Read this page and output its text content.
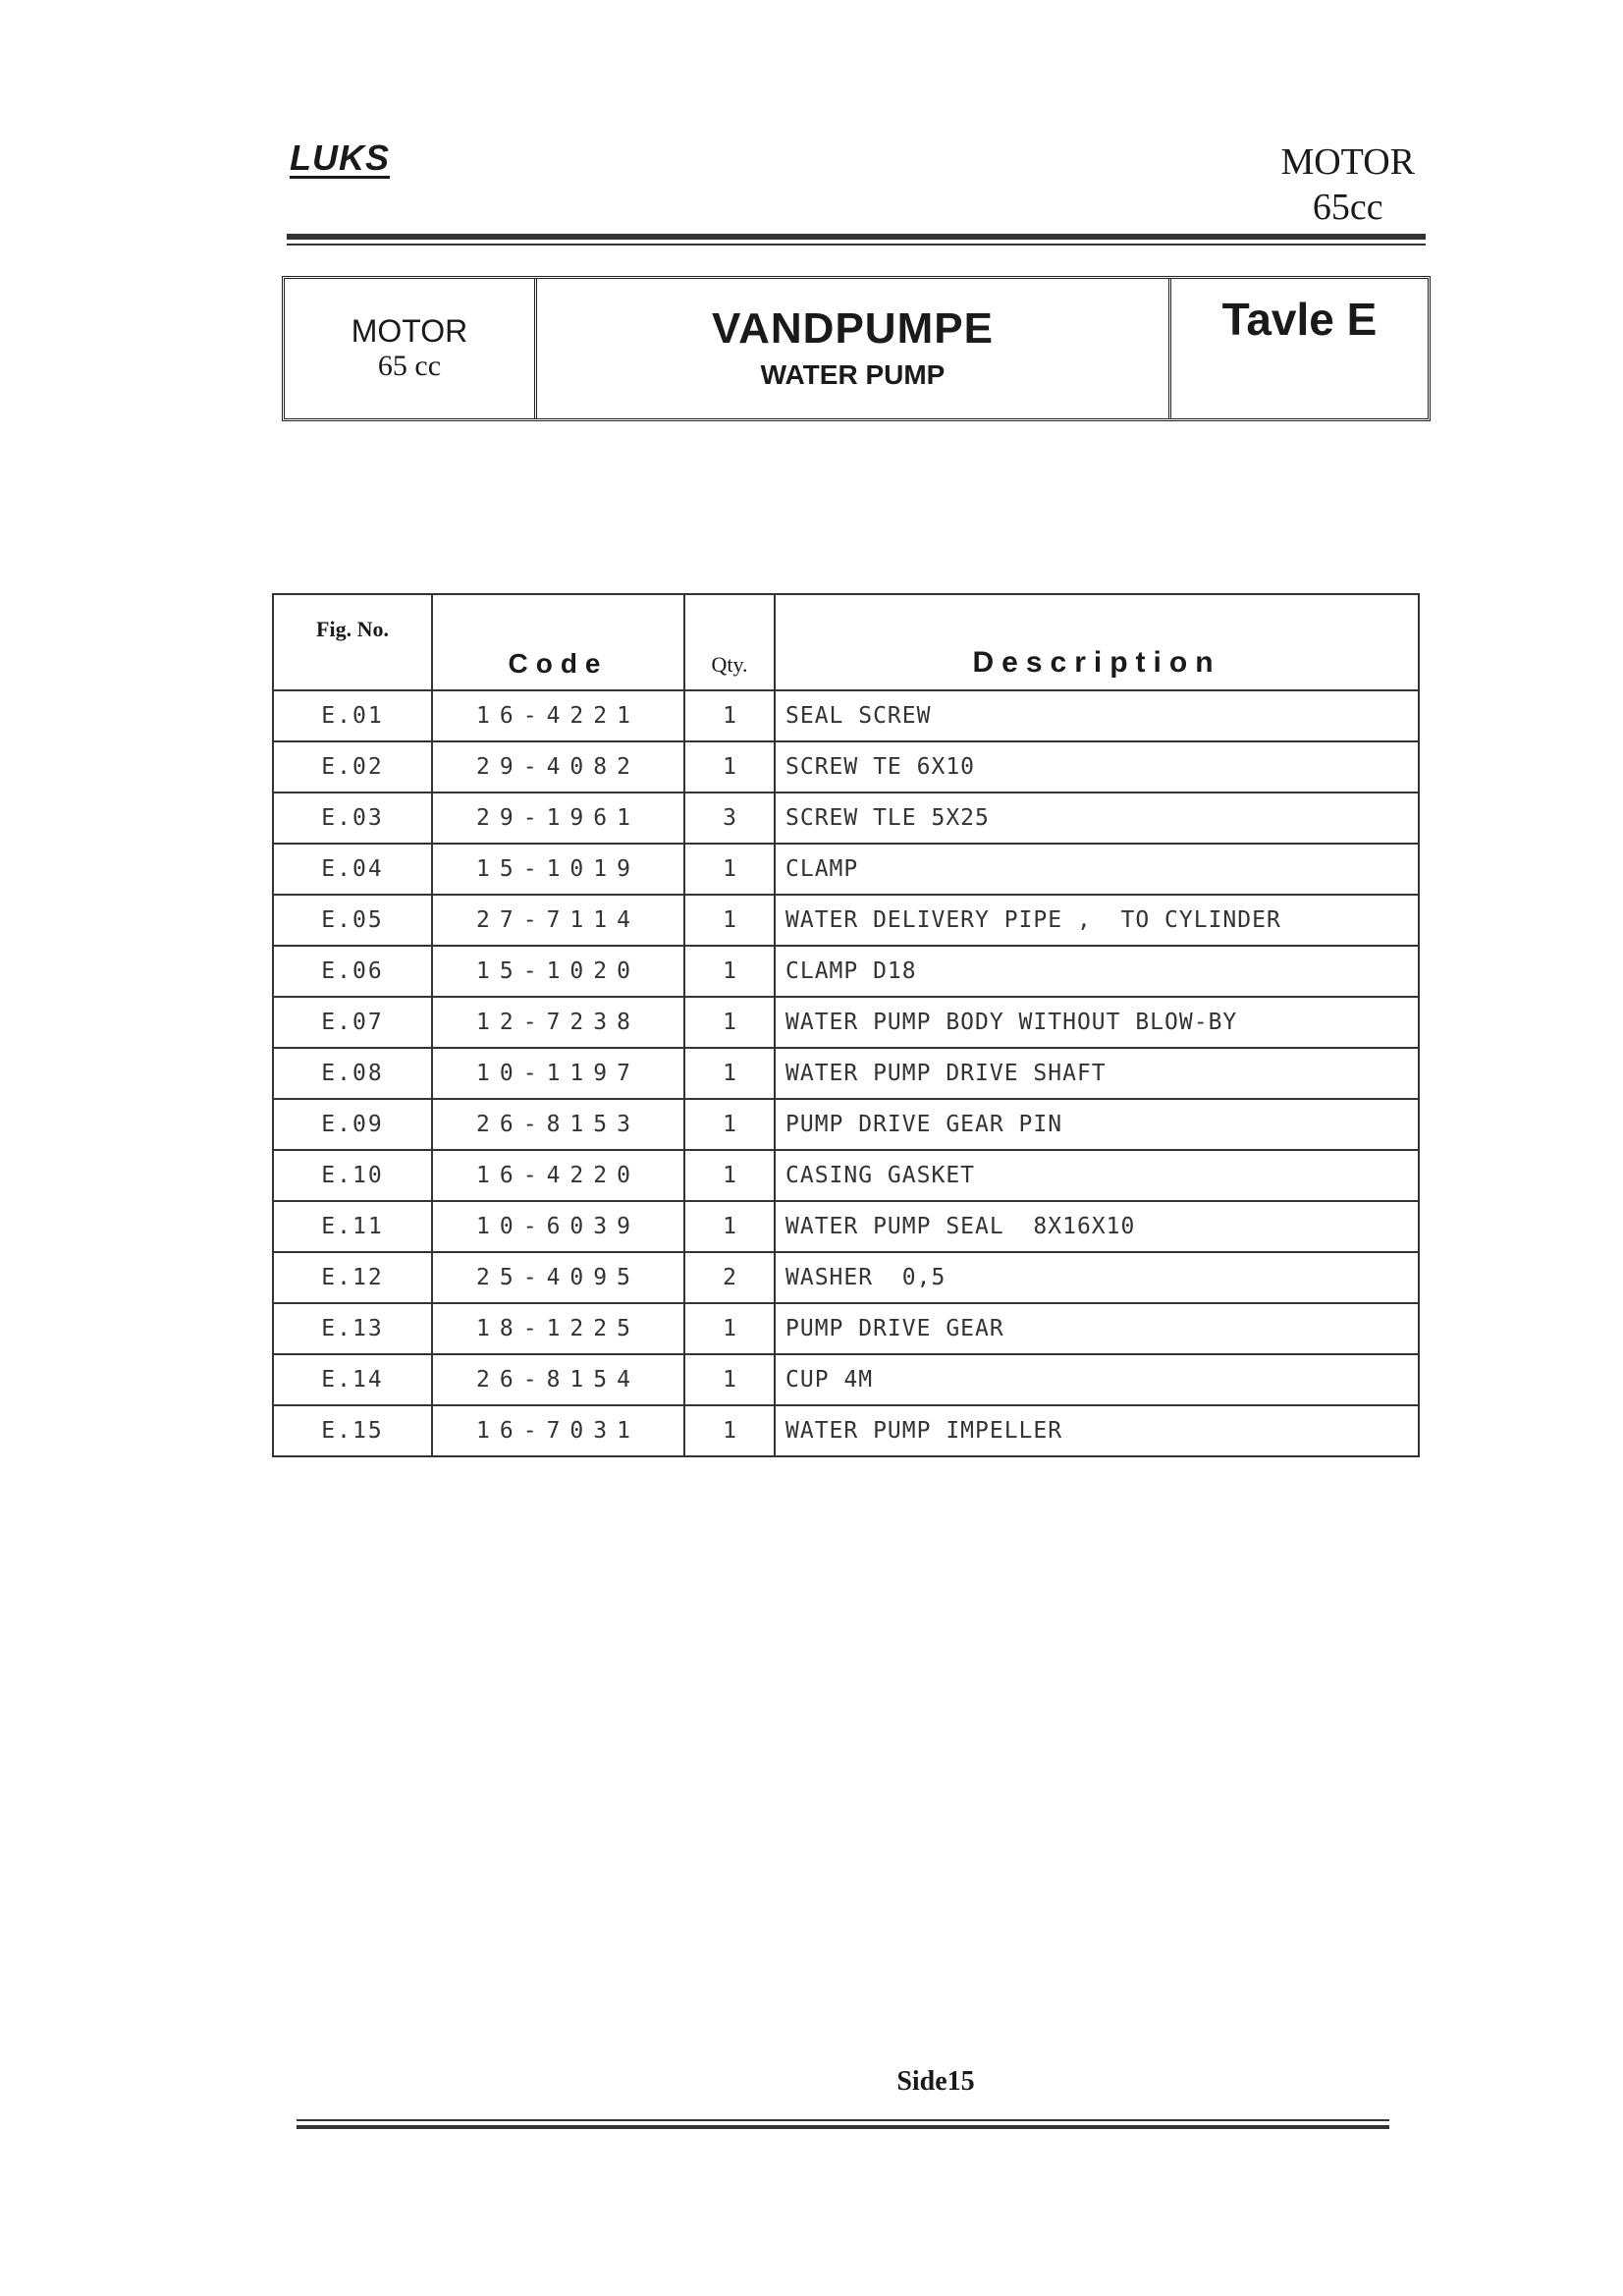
LUKS	MOTOR
65cc
MOTOR
65 cc
VANDPUMPE
WATER PUMP
Tavle E
Fig. No.	Code	Qty.	Description
E.01	16-4221	1	SEAL SCREW
E.02	29-4082	1	SCREW TE 6X10
E.03	29-1961	3	SCREW TLE 5X25
E.04	15-1019	1	CLAMP
E.05	27-7114	1	WATER DELIVERY PIPE ,  TO CYLINDER
E.06	15-1020	1	CLAMP D18
E.07	12-7238	1	WATER PUMP BODY WITHOUT BLOW-BY
E.08	10-1197	1	WATER PUMP DRIVE SHAFT
E.09	26-8153	1	PUMP DRIVE GEAR PIN
E.10	16-4220	1	CASING GASKET
E.11	10-6039	1	WATER PUMP SEAL  8X16X10
E.12	25-4095	2	WASHER  0,5
E.13	18-1225	1	PUMP DRIVE GEAR
E.14	26-8154	1	CUP 4M
E.15	16-7031	1	WATER PUMP IMPELLER
Side15
